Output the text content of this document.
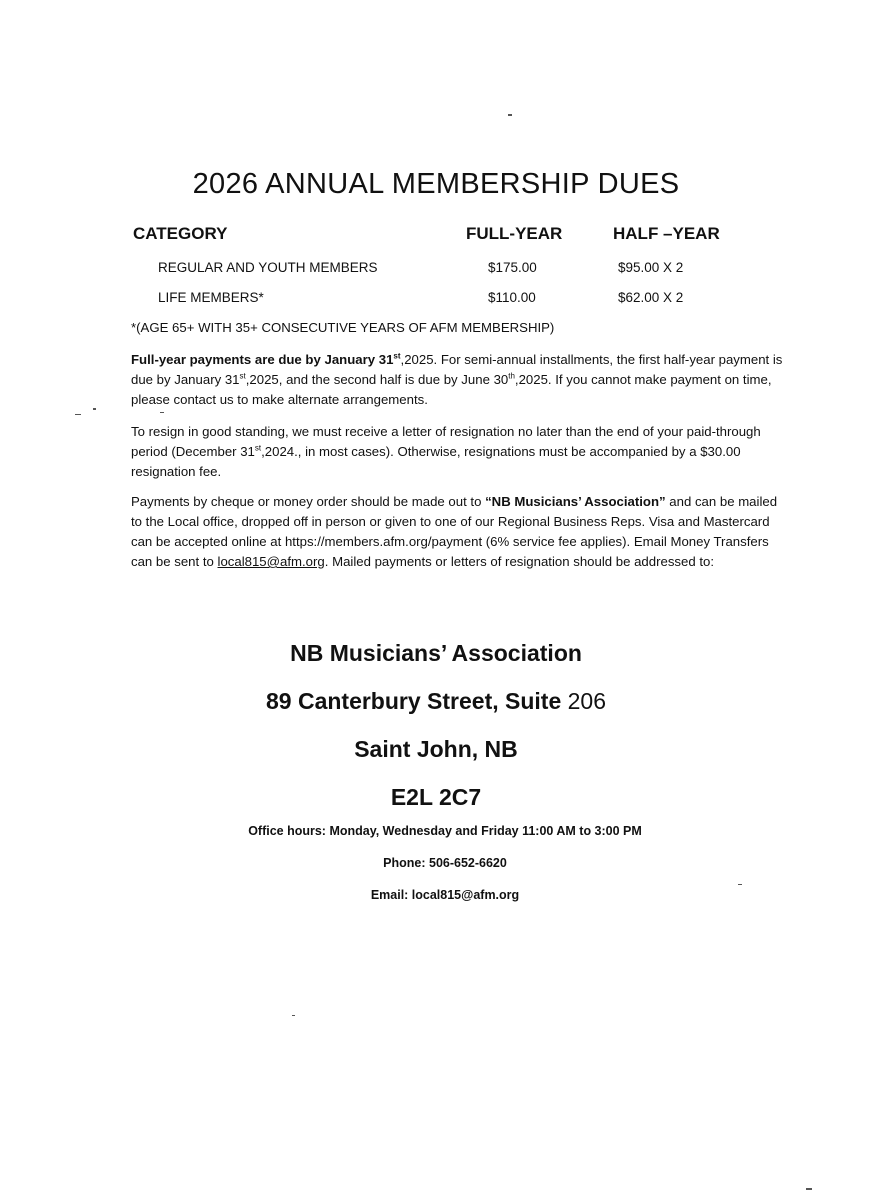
2026 ANNUAL MEMBERSHIP DUES
CATEGORY	FULL-YEAR	HALF –YEAR
REGULAR AND YOUTH MEMBERS	$175.00	$95.00 X 2
LIFE MEMBERS*	$110.00	$62.00 X 2
*(AGE 65+ WITH 35+ CONSECUTIVE YEARS OF AFM MEMBERSHIP)
Full-year payments are due by January 31st,2025. For semi-annual installments, the first half-year payment is due by January 31st,2025, and the second half is due by June 30th,2025. If you cannot make payment on time, please contact us to make alternate arrangements.
To resign in good standing, we must receive a letter of resignation no later than the end of your paid-through period (December 31st,2024., in most cases). Otherwise, resignations must be accompanied by a $30.00 resignation fee.
Payments by cheque or money order should be made out to “NB Musicians’ Association” and can be mailed to the Local office, dropped off in person or given to one of our Regional Business Reps. Visa and Mastercard can be accepted online at https://members.afm.org/payment (6% service fee applies). Email Money Transfers can be sent to local815@afm.org. Mailed payments or letters of resignation should be addressed to:
NB Musicians’ Association
89 Canterbury Street, Suite 206
Saint John, NB
E2L 2C7
Office hours: Monday, Wednesday and Friday 11:00 AM to 3:00 PM
Phone: 506-652-6620
Email: local815@afm.org
